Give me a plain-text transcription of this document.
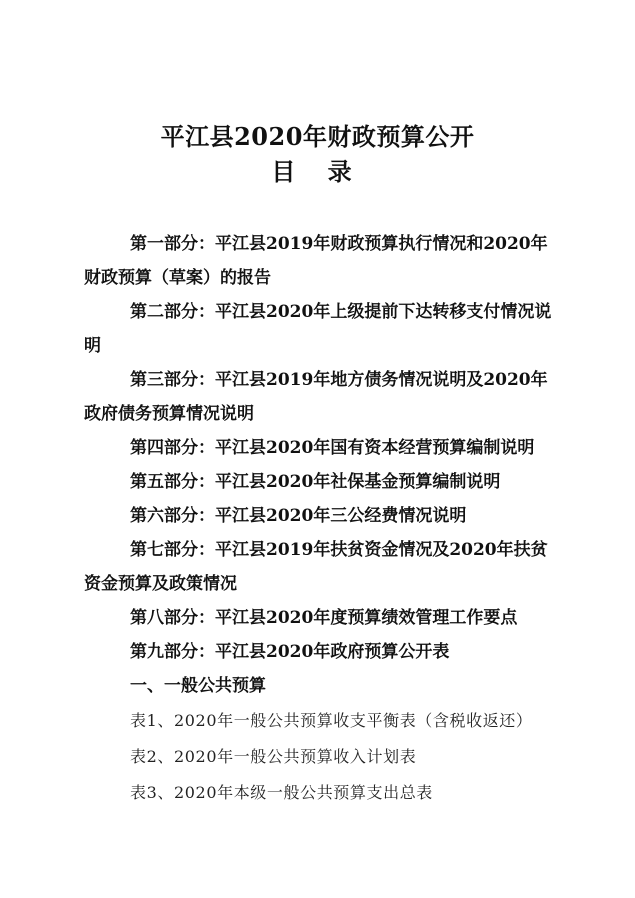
平江县2020年财政预算公开
目 录

第一部分：平江县2019年财政预算执行情况和2020年财政预算（草案）的报告

第二部分：平江县2020年上级提前下达转移支付情况说明

第三部分：平江县2019年地方债务情况说明及2020年政府债务预算情况说明

第四部分：平江县2020年国有资本经营预算编制说明

第五部分：平江县2020年社保基金预算编制说明

第六部分：平江县2020年三公经费情况说明

第七部分：平江县2019年扶贫资金情况及2020年扶贫资金预算及政策情况

第八部分：平江县2020年度预算绩效管理工作要点

第九部分：平江县2020年政府预算公开表

一、一般公共预算

表1、2020年一般公共预算收支平衡表（含税收返还）

表2、2020年一般公共预算收入计划表

表3、2020年本级一般公共预算支出总表
